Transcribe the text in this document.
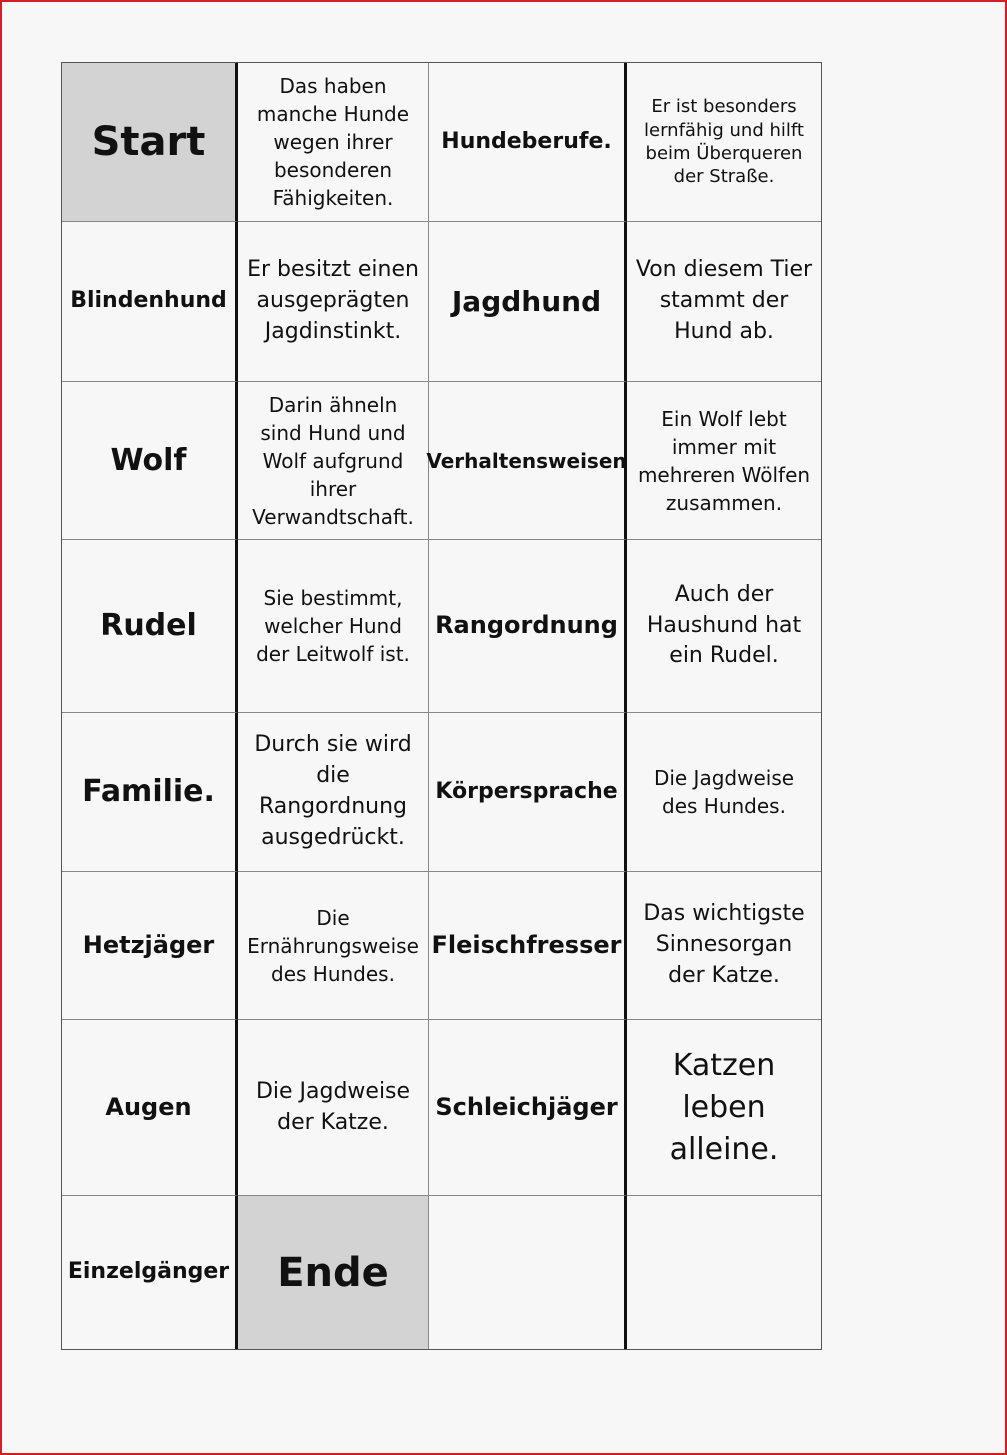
Start
Das haben manche Hunde wegen ihrer besonderen Fähigkeiten.
Hundeberufe.
Er ist besonders lernfähig und hilft beim Überqueren der Straße.
Blindenhund
Er besitzt einen ausgeprägten Jagdinstinkt.
Jagdhund
Von diesem Tier stammt der Hund ab.
Wolf
Darin ähneln sind Hund und Wolf aufgrund ihrer Verwandtschaft.
Verhaltensweisen
Ein Wolf lebt immer mit mehreren Wölfen zusammen.
Rudel
Sie bestimmt, welcher Hund der Leitwolf ist.
Rangordnung
Auch der Haushund hat ein Rudel.
Familie.
Durch sie wird die Rangordnung ausgedrückt.
Körpersprache
Die Jagdweise des Hundes.
Hetzjäger
Die Ernährungsweise des Hundes.
Fleischfresser
Das wichtigste Sinnesorgan der Katze.
Augen
Die Jagdweise der Katze.
Schleichjäger
Katzen leben alleine.
Einzelgänger Ende
